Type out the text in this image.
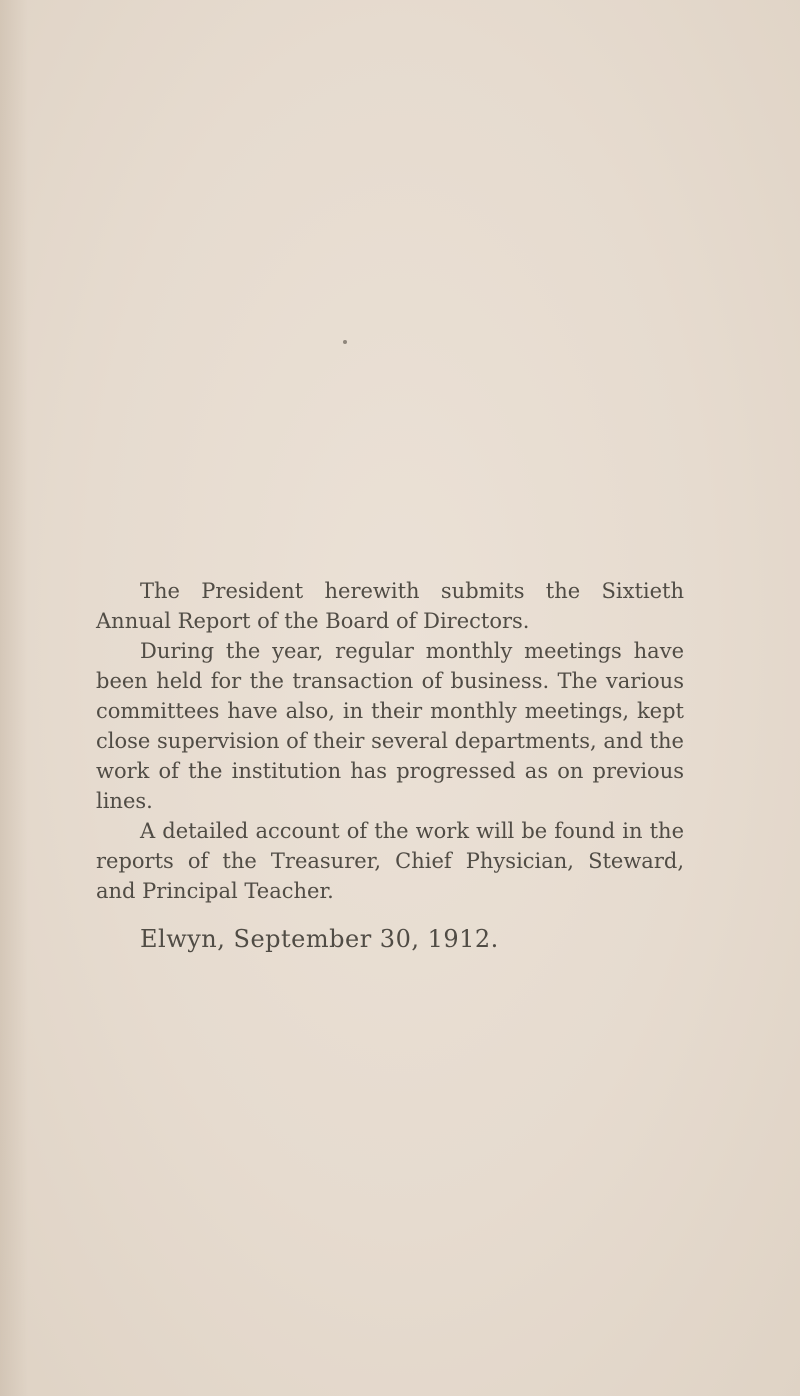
The President herewith submits the Sixtieth Annual Report of the Board of Directors.

During the year, regular monthly meetings have been held for the transaction of business. The various committees have also, in their monthly meetings, kept close supervision of their several departments, and the work of the institution has progressed as on previous lines.

A detailed account of the work will be found in the reports of the Treasurer, Chief Physician, Steward, and Principal Teacher.

Elwyn, September 30, 1912.
